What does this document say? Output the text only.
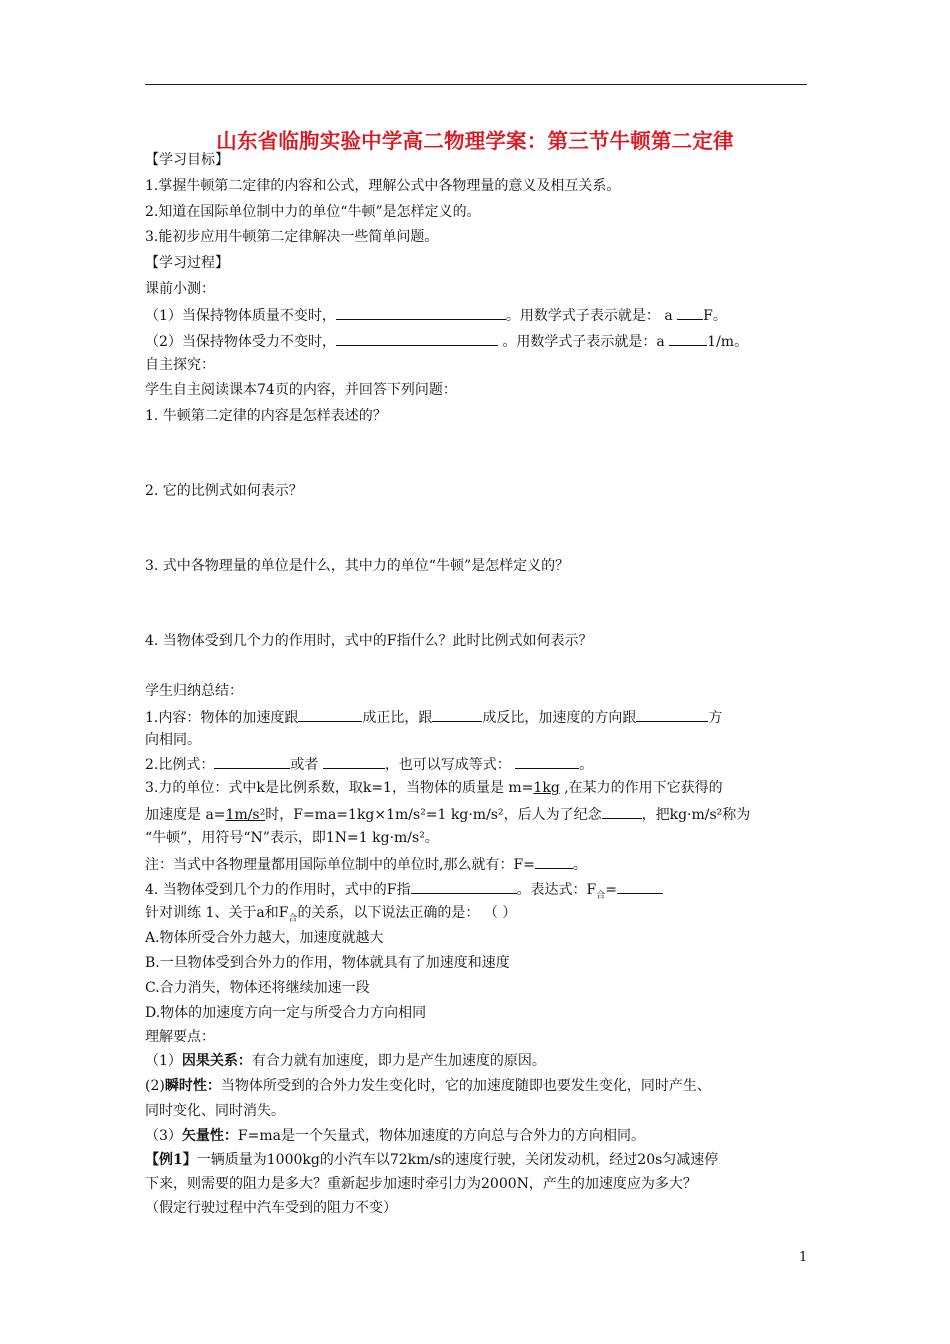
山东省临朐实验中学高二物理学案：第三节牛顿第二定律
【学习目标】
1.掌握牛顿第二定律的内容和公式，理解公式中各物理量的意义及相互关系。
2.知道在国际单位制中力的单位“牛顿”是怎样定义的。
3.能初步应用牛顿第二定律解决一些简单问题。
【学习过程】
课前小测：
（1）当保持物体质量不变时，	。用数学式子表示就是： a F。
（2）当保持物体受力不变时，	。用数学式子表示就是：a	1/m。
自主探究：
学生自主阅读课本74页的内容，并回答下列问题：
1. 牛顿第二定律的内容是怎样表述的？
2. 它的比例式如何表示？
3. 式中各物理量的单位是什么，其中力的单位“牛顿”是怎样定义的？
4. 当物体受到几个力的作用时，式中的F指什么？此时比例式如何表示？
学生归纳总结：
1.内容：物体的加速度跟	成正比，跟	成反比，加速度的方向跟	方
向相同。
2.比例式：	或者	，也可以写成等式：	。
3.力的单位：式中k是比例系数，取k=1，当物体的质量是 m=1kg ,在某力的作用下它获得的
加速度是 a=1m/s²时，F=ma=1kg×1m/s²=1 kg·m/s²，后人为了纪念	，把kg·m/s²称为
“牛顿”，用符号“N”表示，即1N=1 kg·m/s²。
注：当式中各物理量都用国际单位制中的单位时,那么就有：F=	。
4. 当物体受到几个力的作用时，式中的F指	。表达式：$F_合=$
针对训练 1、关于a和$F_合$的关系，以下说法正确的是： （ ）
A.物体所受合外力越大，加速度就越大
B.一旦物体受到合外力的作用，物体就具有了加速度和速度
C.合力消失，物体还将继续加速一段
D.物体的加速度方向一定与所受合力方向相同
理解要点：
（1）因果关系：有合力就有加速度，即力是产生加速度的原因。
(2)瞬时性：当物体所受到的合外力发生变化时，它的加速度随即也要发生变化，同时产生、
同时变化、同时消失。
（3）矢量性：F=ma是一个矢量式，物体加速度的方向总与合外力的方向相同。
【例1】一辆质量为1000kg的小汽车以72km/s的速度行驶，关闭发动机，经过20s匀减速停
下来，则需要的阻力是多大？重新起步加速时牵引力为2000N，产生的加速度应为多大？
（假定行驶过程中汽车受到的阻力不变）
1
